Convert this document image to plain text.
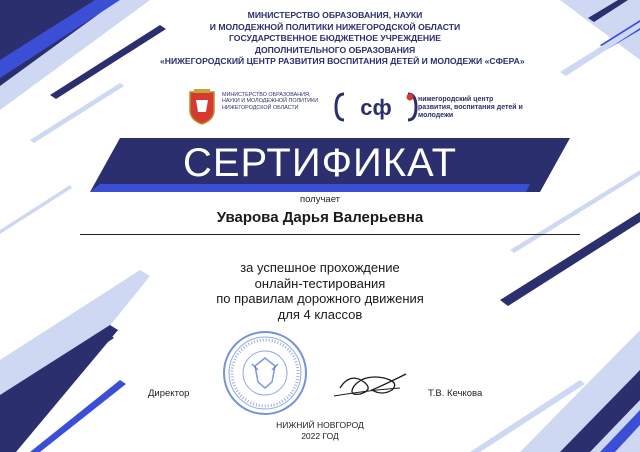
МИНИСТЕРСТВО ОБРАЗОВАНИЯ, НАУКИ
И МОЛОДЕЖНОЙ ПОЛИТИКИ НИЖЕГОРОДСКОЙ ОБЛАСТИ
ГОСУДАРСТВЕННОЕ БЮДЖЕТНОЕ УЧРЕЖДЕНИЕ
ДОПОЛНИТЕЛЬНОГО ОБРАЗОВАНИЯ
«НИЖЕГОРОДСКИЙ ЦЕНТР РАЗВИТИЯ ВОСПИТАНИЯ ДЕТЕЙ И МОЛОДЕЖИ «СФЕРА»
МИНИСТЕРСТВО ОБРАЗОВАНИЯ, НАУКИ И МОЛОДЕЖНОЙ ПОЛИТИКИ НИЖЕГОРОДСКОЙ ОБЛАСТИ	сф	нижегородский центр развития, воспитания детей и молодежи
СЕРТИФИКАТ
получает
Уварова Дарья Валерьевна
за успешное прохождение
онлайн-тестирования
по правилам дорожного движения
для 4 классов
Директор	Т.В. Кечкова
НИЖНИЙ НОВГОРОД
2022 ГОД
